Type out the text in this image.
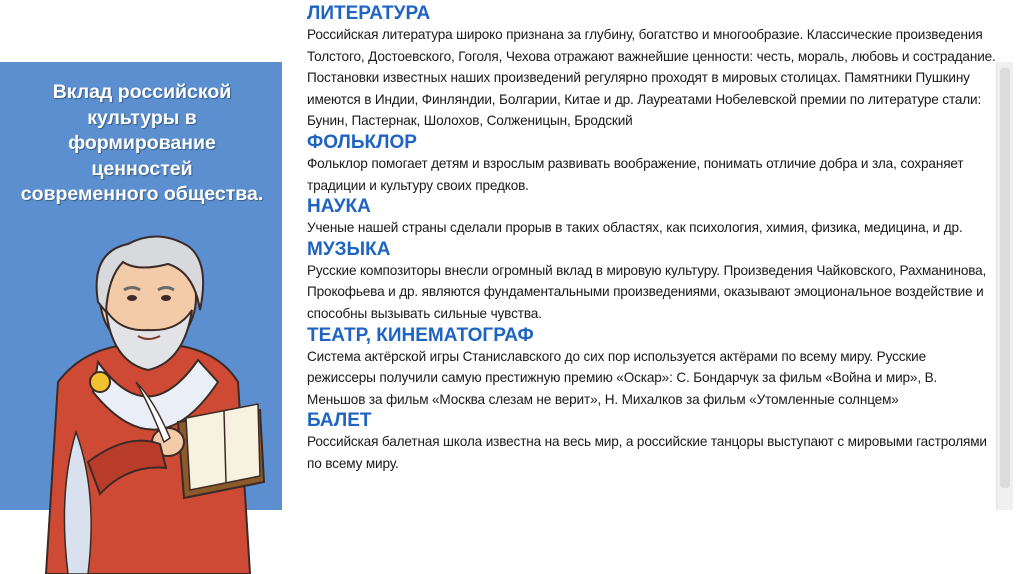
Вклад российской культуры в формирование ценностей современного общества.

ЛИТЕРАТУРА

Российская литература широко признана за глубину, богатство и многообразие. Классические произведения Толстого, Достоевского, Гоголя, Чехова отражают важнейшие ценности: честь, мораль, любовь и сострадание. Постановки известных наших произведений регулярно проходят в мировых столицах. Памятники Пушкину имеются в Индии, Финляндии, Болгарии, Китае и др. Лауреатами Нобелевской премии по литературе стали: Бунин, Пастернак, Шолохов, Солженицын, Бродский

ФОЛЬКЛОР

Фольклор помогает детям и взрослым развивать воображение, понимать отличие добра и зла, сохраняет традиции и культуру своих предков.

НАУКА

Ученые нашей страны сделали прорыв в таких областях, как психология, химия, физика, медицина, и др.

МУЗЫКА

Русские композиторы внесли огромный вклад в мировую культуру. Произведения Чайковского, Рахманинова, Прокофьева и др. являются фундаментальными произведениями, оказывают эмоциональное воздействие и способны вызывать сильные чувства.

ТЕАТР, КИНЕМАТОГРАФ

Система актёрской игры Станиславского до сих пор используется актёрами по всему миру. Русские режиссеры получили самую престижную премию «Оскар»: С. Бондарчук за фильм «Война и мир», В. Меньшов за фильм «Москва слезам не верит», Н. Михалков за фильм «Утомленные солнцем»

БАЛЕТ

Российская балетная школа известна на весь мир, а российские танцоры выступают с мировыми гастролями по всему миру.
